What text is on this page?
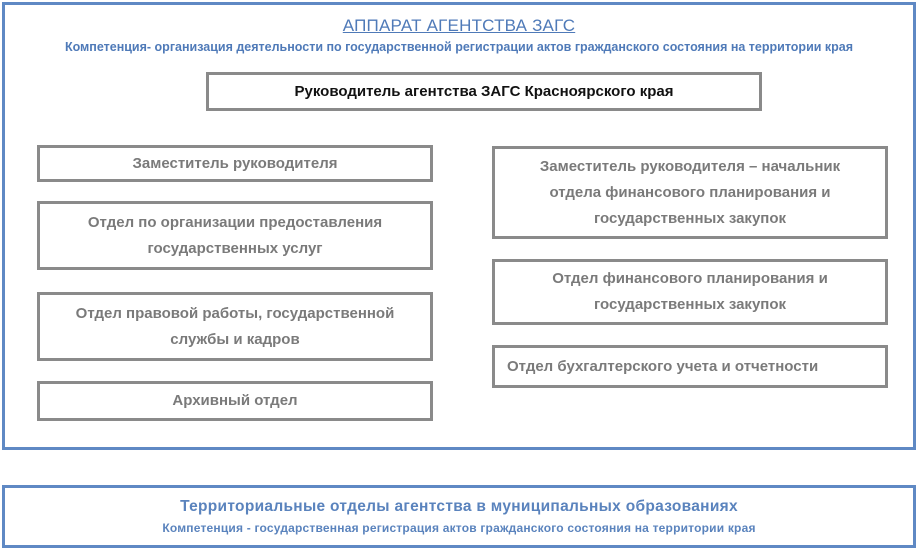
АППАРАТ АГЕНТСТВА ЗАГС
Компетенция- организация деятельности по государственной регистрации актов гражданского состояния на территории края
Руководитель агентства ЗАГС Красноярского края
Заместитель руководителя
Отдел по организации предоставления государственных услуг
Отдел правовой работы, государственной службы и кадров
Архивный отдел
Заместитель руководителя – начальник отдела финансового планирования и государственных закупок
Отдел финансового планирования и государственных закупок
Отдел бухгалтерского учета и отчетности
Территориальные отделы агентства в муниципальных образованиях
Компетенция - государственная регистрация актов гражданского состояния на территории края
